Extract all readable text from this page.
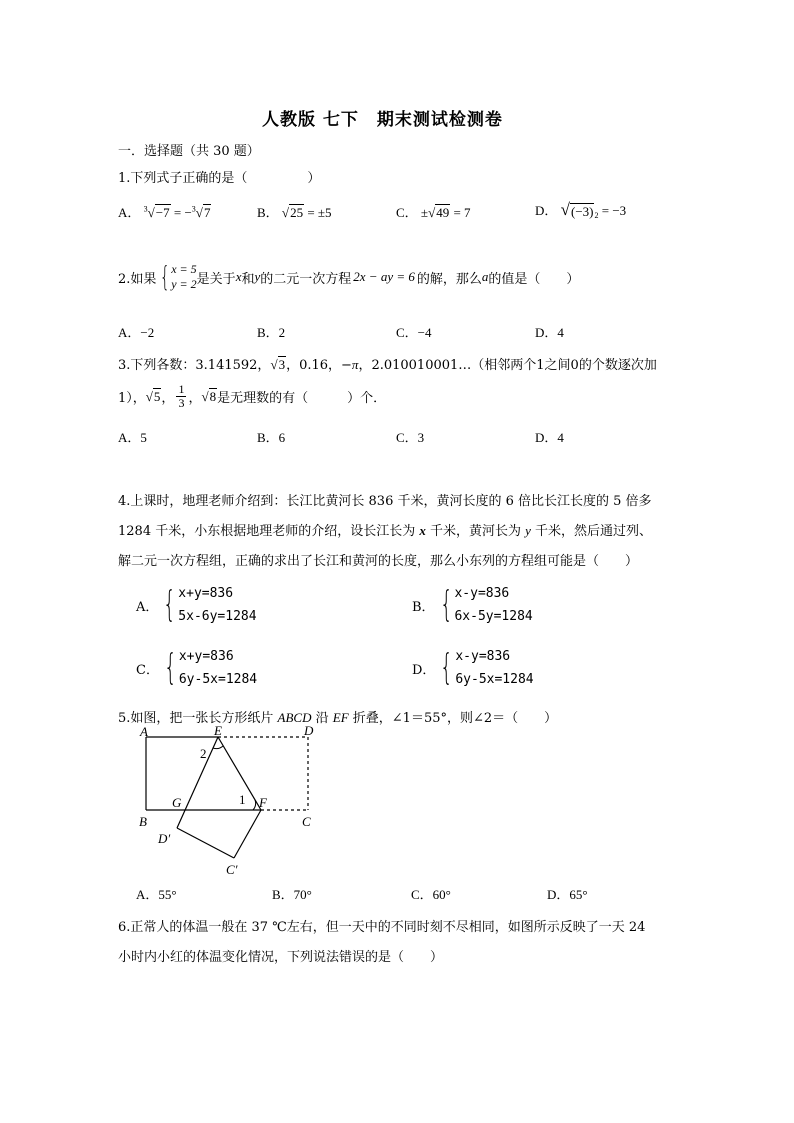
人教版 七下　期末测试检测卷
一．选择题（共 30 题）
1.下列式子正确的是（	）
A． $^3$ √ −7 = −$^3$ √ 7	B． √ 25 = ±5	C． ± √ 49 = 7	D． √ $(-3)_2 = -3$
2.如果 { x = 5
y = 2 是关于 x 和 y 的二元一次方程 2x − ay = 6 的解，那么 a 的值是（　　）
A．−2	B．2	C．−4	D．4
3.下列各数：3.141592， √ 3 ，0.16，−π，2.010010001…（相邻两个1之间0的个数逐次加
1）， √ 5 ， $\frac{1}{3}$ ， √ 8 是无理数的有（　　　）个．
A．5	B．6	C．3	D．4
4.上课时，地理老师介绍到：长江比黄河长 836 千米，黄河长度的 6 倍比长江长度的 5 倍多
1284 千米，小东根据地理老师的介绍，设长江长为 x 千米，黄河长为 y 千米，然后通过列、
解二元一次方程组，正确的求出了长江和黄河的长度，那么小东列的方程组可能是（　　）
A． { x+y=836
5x-6y=1284
B． { x-y=836
6x-5y=1284
C． { x+y=836
6y-5x=1284
D． { x-y=836
6y-5x=1284
5.如图，把一张长方形纸片 ABCD 沿 EF 折叠，∠1＝55°，则∠2＝（　　）
A	E	D
2
G	1 F
B	C
D′
C′
A．55°	B．70°	C．60°	D．65°
6.正常人的体温一般在 37 ℃左右，但一天中的不同时刻不尽相同，如图所示反映了一天 24
小时内小红的体温变化情况，下列说法错误的是（　　）
